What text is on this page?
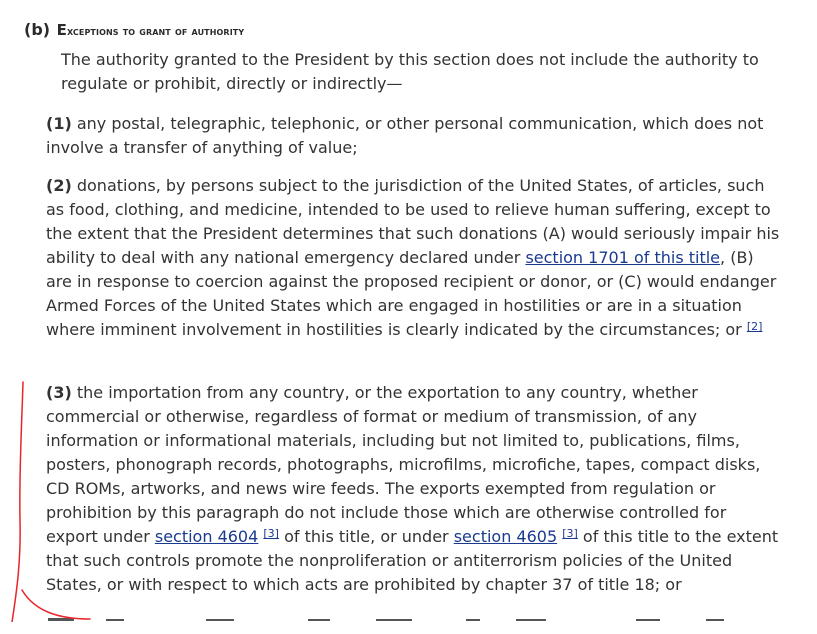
(b) Exceptions to grant of authority

The authority granted to the President by this section does not include the authority to regulate or prohibit, directly or indirectly—

(1) any postal, telegraphic, telephonic, or other personal communication, which does not involve a transfer of anything of value;

(2) donations, by persons subject to the jurisdiction of the United States, of articles, such as food, clothing, and medicine, intended to be used to relieve human suffering, except to the extent that the President determines that such donations (A) would seriously impair his ability to deal with any national emergency declared under section 1701 of this title, (B) are in response to coercion against the proposed recipient or donor, or (C) would endanger Armed Forces of the United States which are engaged in hostilities or are in a situation where imminent involvement in hostilities is clearly indicated by the circumstances; or [2]

(3) the importation from any country, or the exportation to any country, whether commercial or otherwise, regardless of format or medium of transmission, of any information or informational materials, including but not limited to, publications, films, posters, phonograph records, photographs, microfilms, microfiche, tapes, compact disks, CD ROMs, artworks, and news wire feeds. The exports exempted from regulation or prohibition by this paragraph do not include those which are otherwise controlled for export under section 4604 [3] of this title, or under section 4605 [3] of this title to the extent that such controls promote the nonproliferation or antiterrorism policies of the United States, or with respect to which acts are prohibited by chapter 37 of title 18; or
